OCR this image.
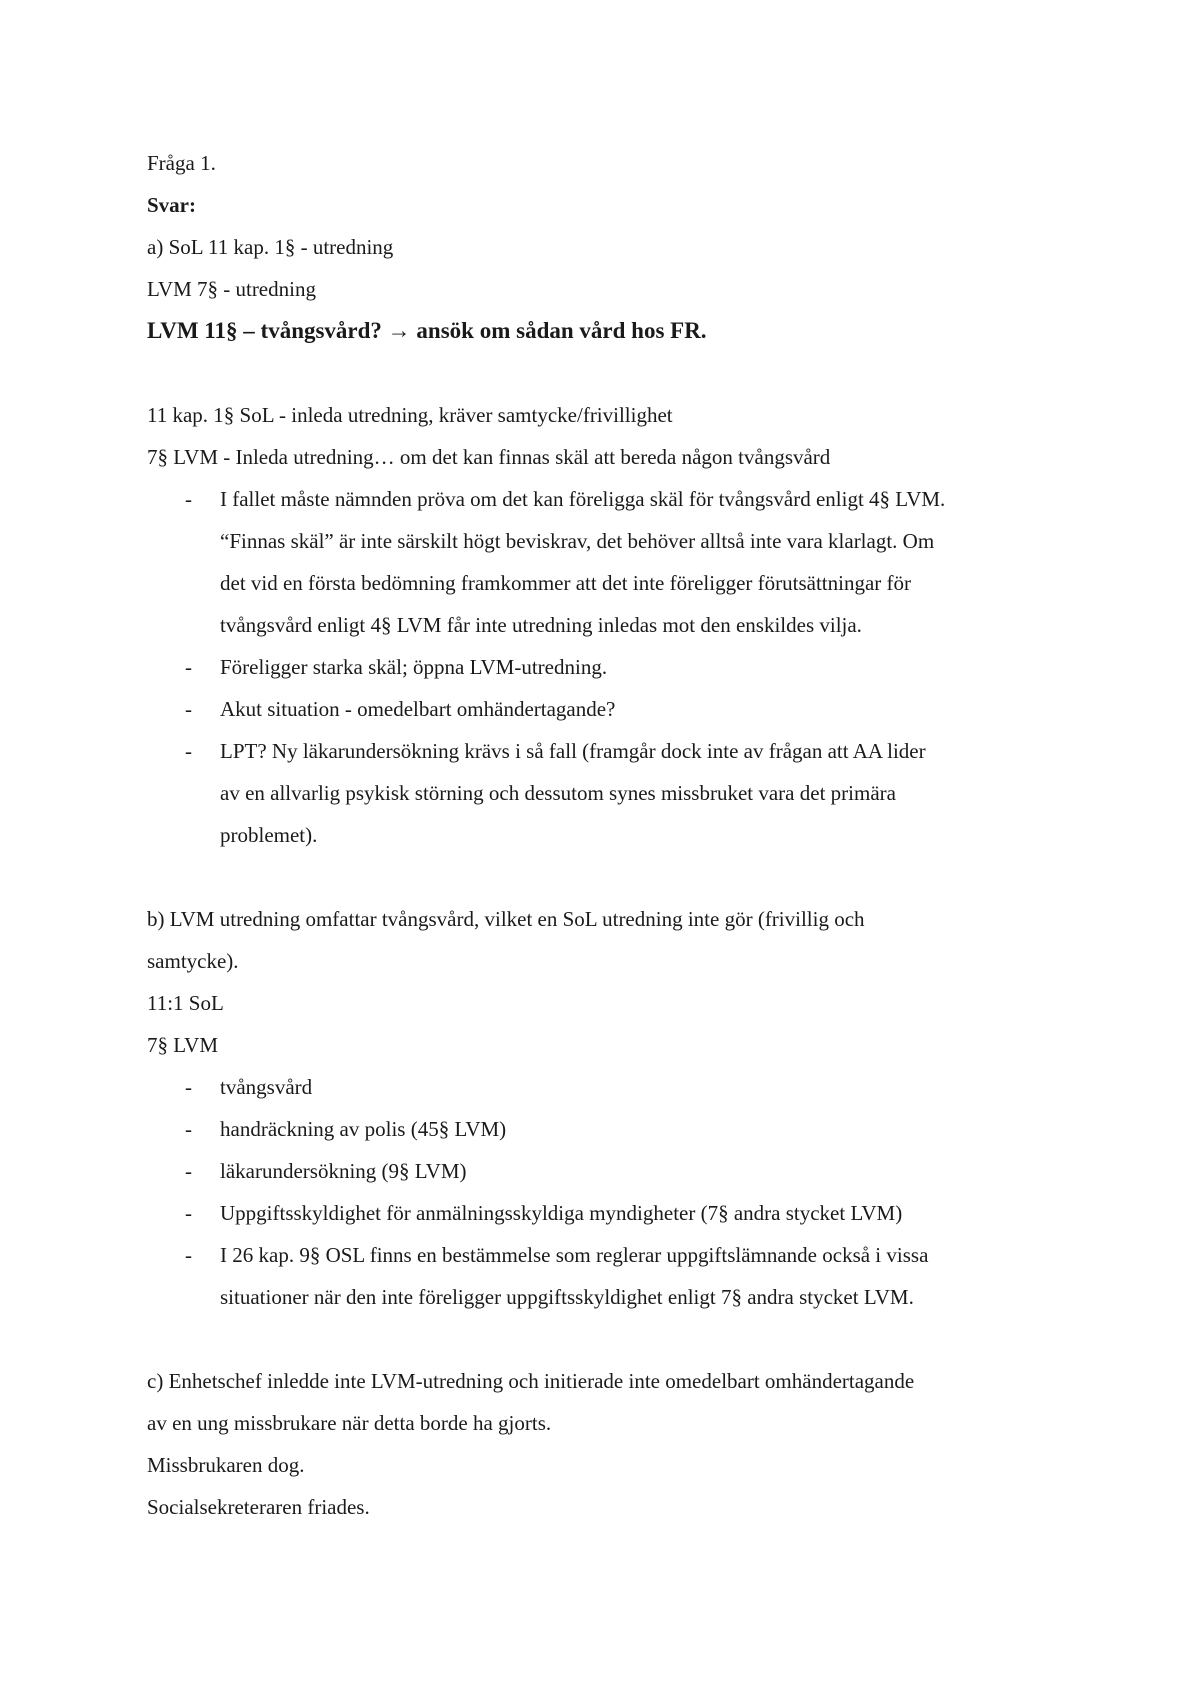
Fråga 1.

Svar:

a) SoL 11 kap. 1§ - utredning

LVM 7§ - utredning

LVM 11§ – tvångsvård? → ansök om sådan vård hos FR.

11 kap. 1§ SoL - inleda utredning, kräver samtycke/frivillighet

7§ LVM - Inleda utredning… om det kan finnas skäl att bereda någon tvångsvård

- I fallet måste nämnden pröva om det kan föreligga skäl för tvångsvård enligt 4§ LVM.
“Finnas skäl” är inte särskilt högt beviskrav, det behöver alltså inte vara klarlagt. Om
det vid en första bedömning framkommer att det inte föreligger förutsättningar för
tvångsvård enligt 4§ LVM får inte utredning inledas mot den enskildes vilja.
- Föreligger starka skäl; öppna LVM-utredning.
- Akut situation - omedelbart omhändertagande?
- LPT? Ny läkarundersökning krävs i så fall (framgår dock inte av frågan att AA lider
av en allvarlig psykisk störning och dessutom synes missbruket vara det primära
problemet).

b) LVM utredning omfattar tvångsvård, vilket en SoL utredning inte gör (frivillig och

samtycke).

11:1 SoL

7§ LVM

- tvångsvård
- handräckning av polis (45§ LVM)
- läkarundersökning (9§ LVM)
- Uppgiftsskyldighet för anmälningsskyldiga myndigheter (7§ andra stycket LVM)
- I 26 kap. 9§ OSL finns en bestämmelse som reglerar uppgiftslämnande också i vissa
situationer när den inte föreligger uppgiftsskyldighet enligt 7§ andra stycket LVM.

c) Enhetschef inledde inte LVM-utredning och initierade inte omedelbart omhändertagande

av en ung missbrukare när detta borde ha gjorts.

Missbrukaren dog.

Socialsekreteraren friades.
